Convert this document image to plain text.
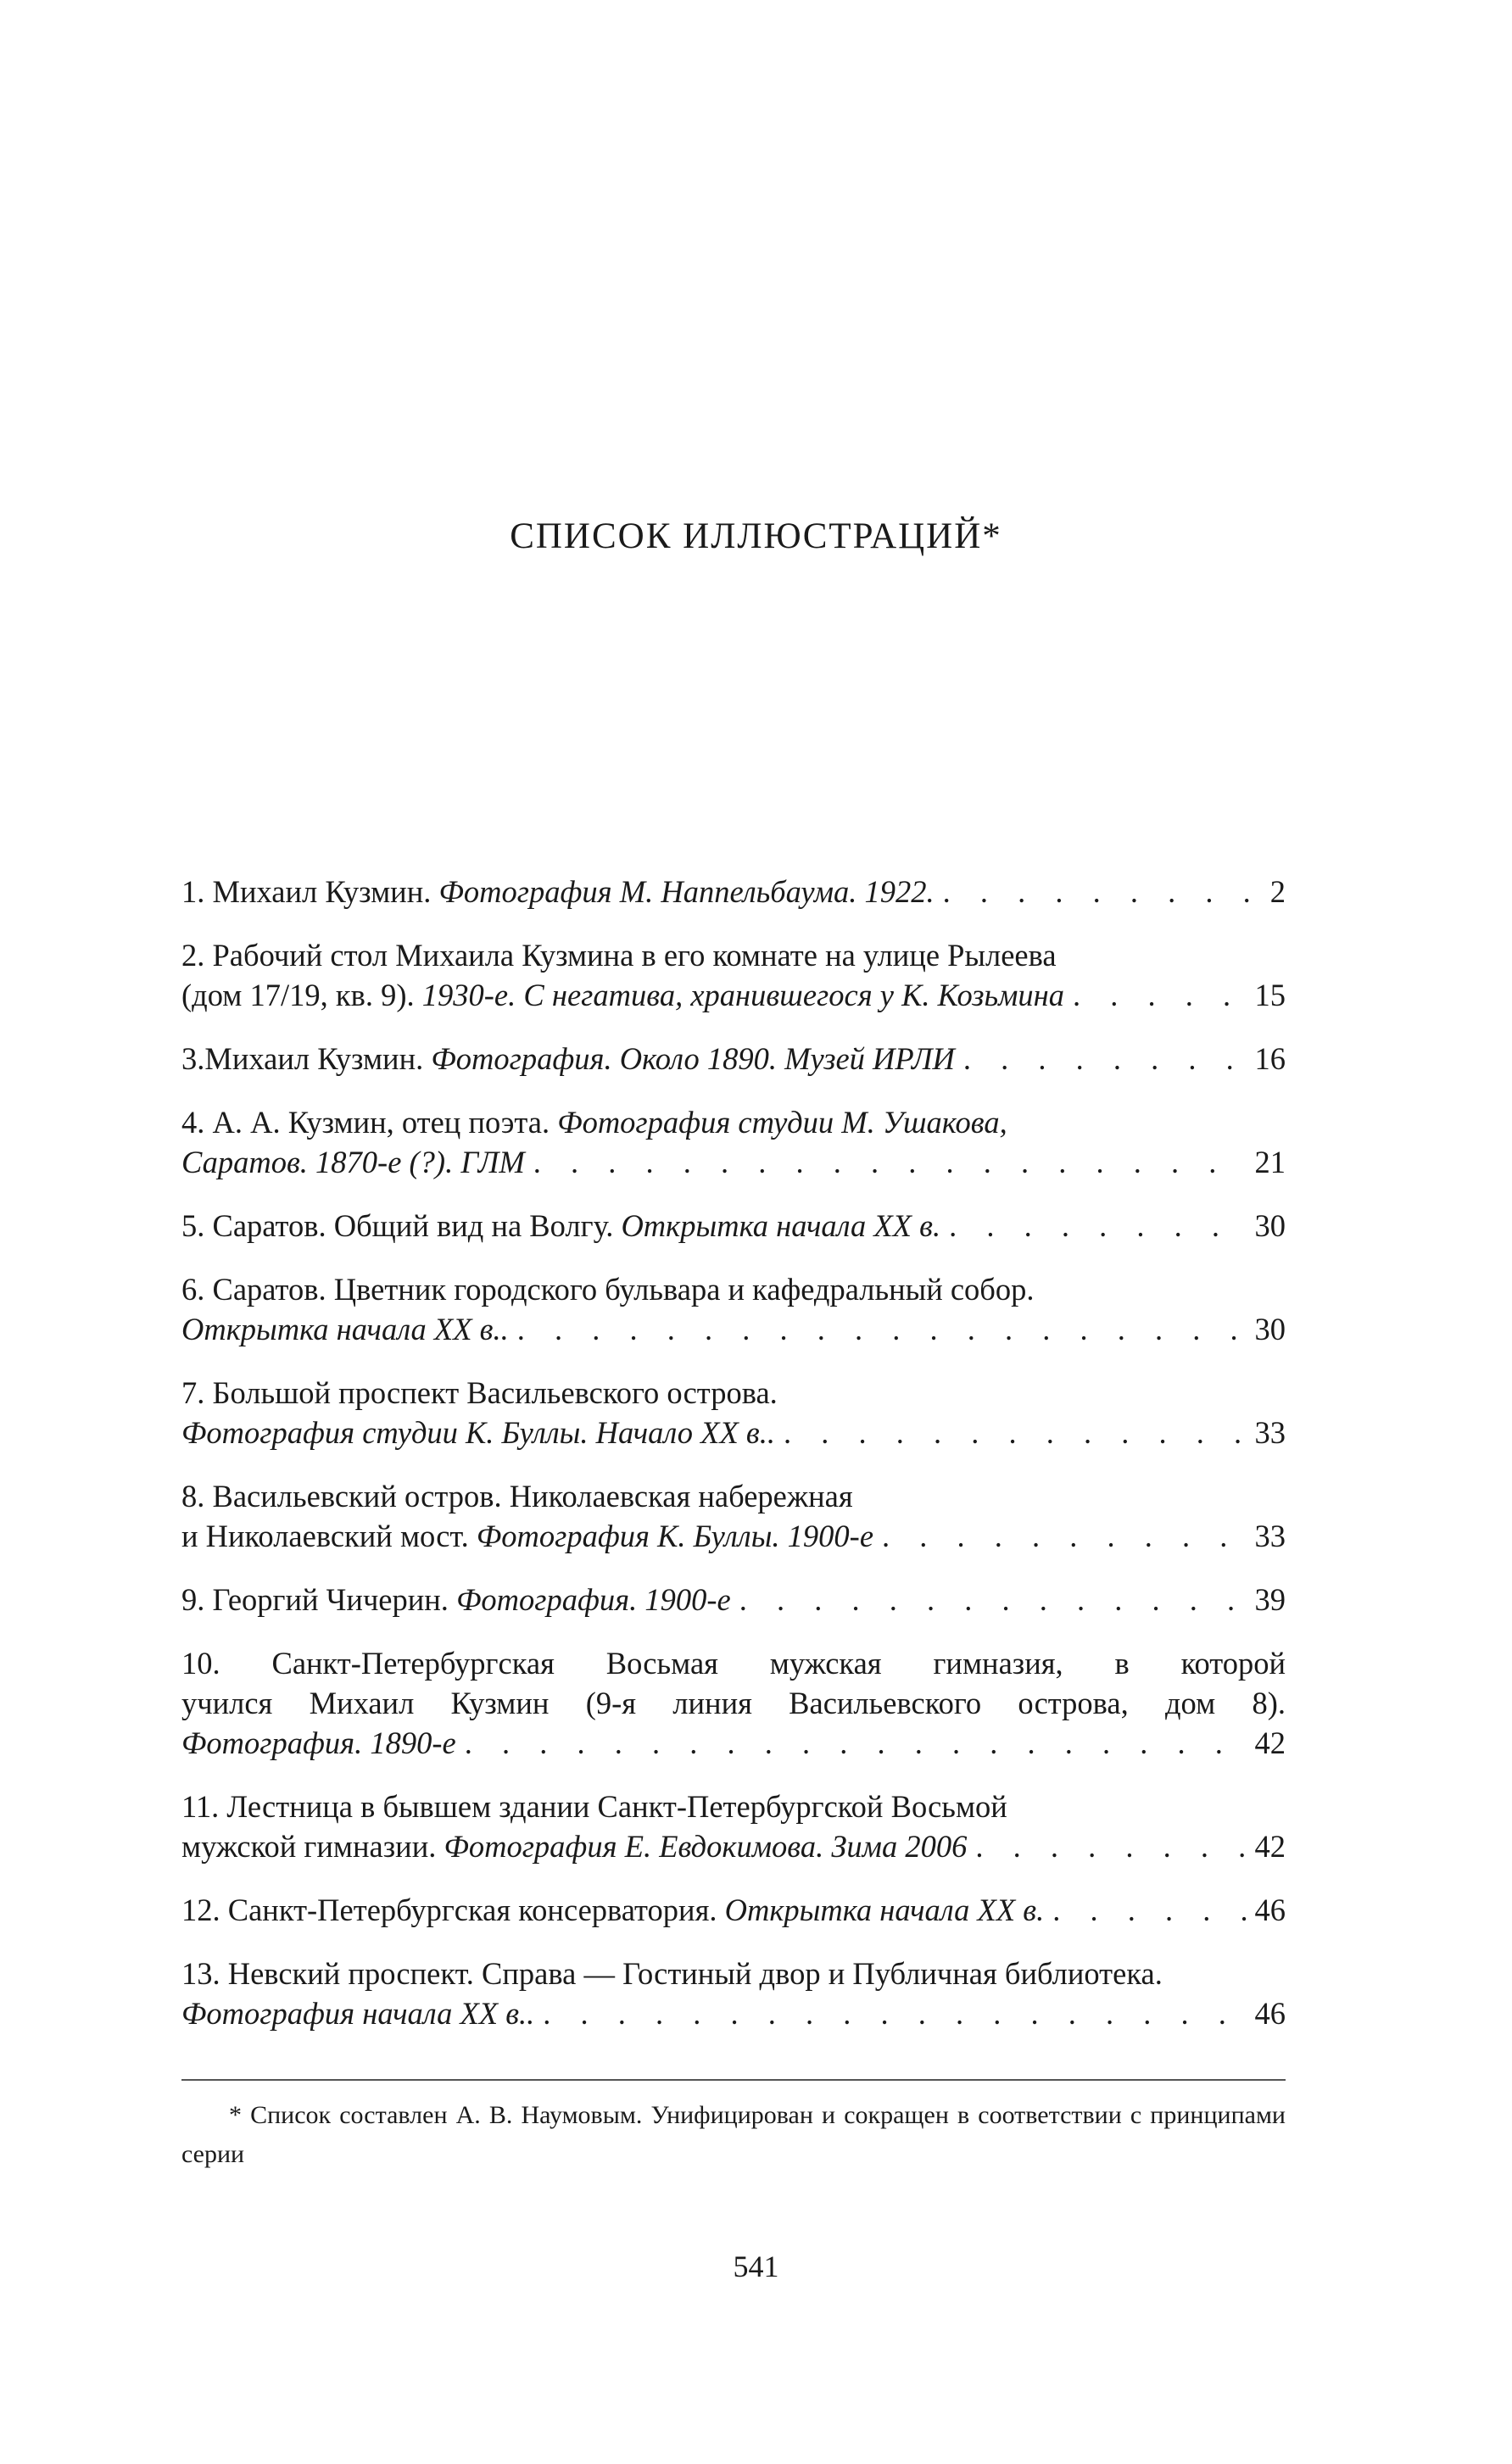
СПИСОК ИЛЛЮСТРАЦИЙ*
1. Михаил Кузмин. Фотография М. Наппельбаума. 1922. . . .	2
2. Рабочий стол Михаила Кузмина в его комнате на улице Рылеева
(дом 17/19, кв. 9). 1930-е. С негатива, хранившегося у К. Козьмина . . .	15
3.Михаил Кузмин. Фотография. Около 1890. Музей ИРЛИ . . .	16
4. А. А. Кузмин, отец поэта. Фотография студии М. Ушакова,
Саратов. 1870-е (?). ГЛМ . . .	21
5. Саратов. Общий вид на Волгу. Открытка начала ХХ в. . . .	30
6. Саратов. Цветник городского бульвара и кафедральный собор.
Открытка начала ХХ в.. . . .	30
7. Большой проспект Васильевского острова.
Фотография студии К. Буллы. Начало ХХ в.. . . .	33
8. Васильевский остров. Николаевская набережная
и Николаевский мост. Фотография К. Буллы. 1900-е . . .	33
9. Георгий Чичерин. Фотография. 1900-е . . .	39
10. Санкт-Петербургская Восьмая мужская гимназия, в которой
учился Михаил Кузмин (9-я линия Васильевского острова, дом 8).
Фотография. 1890-е . . .	42
11. Лестница в бывшем здании Санкт-Петербургской Восьмой
мужской гимназии. Фотография Е. Евдокимова. Зима 2006 . . .	42
12. Санкт-Петербургская консерватория. Открытка начала ХХ в. . . .	46
13. Невский проспект. Справа — Гостиный двор и Публичная библиотека.
Фотография начала ХХ в.. . . .	46
* Список составлен А. В. Наумовым. Унифицирован и сокращен в соответствии с принципами серии
541
